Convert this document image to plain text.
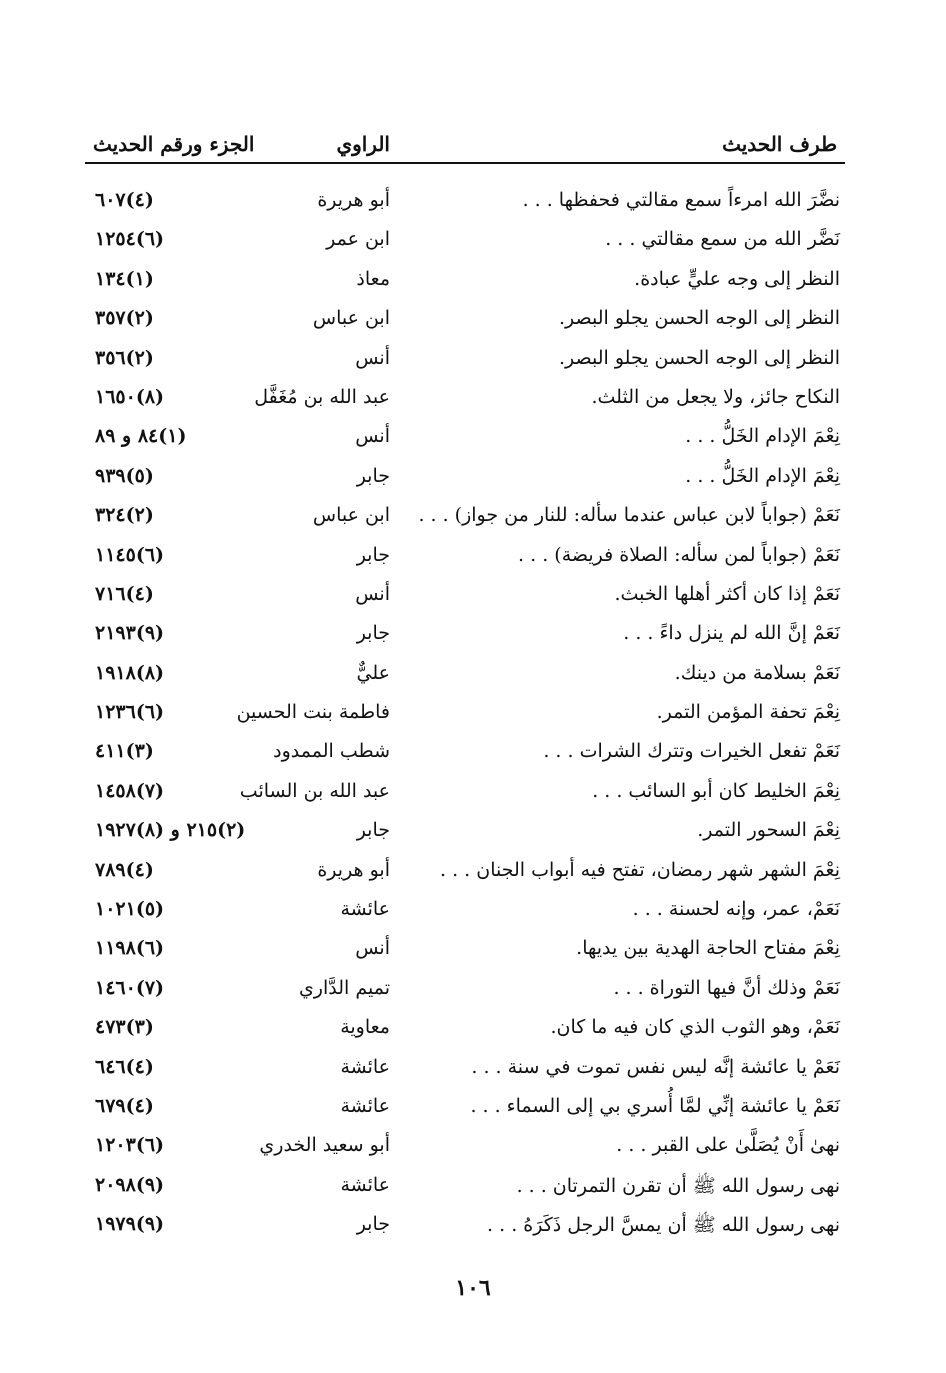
طرف الحديث
الراوي
الجزء ورقم الحديث
نضَّرَ الله امرءاً سمع مقالتي فحفظها . . .
أبو هريرة
(٤)٦٠٧
نَضَّر الله من سمع مقالتي . . .
ابن عمر
(٦)١٢٥٤
النظر إلى وجه عليٍّ عبادة.
معاذ
(١)١٣٤
النظر إلى الوجه الحسن يجلو البصر.
ابن عباس
(٢)٣٥٧
النظر إلى الوجه الحسن يجلو البصر.
أنس
(٢)٣٥٦
النكاح جائز، ولا يجعل من الثلث.
عبد الله بن مُغَفَّل
(٨)١٦٥٠
نِعْمَ الإدام الخَلُّ . . .
أنس
(١)٨٤ و ٨٩
نِعْمَ الإدام الخَلُّ . . .
جابر
(٥)٩٣٩
نَعَمْ (جواباً لابن عباس عندما سأله: للنار من جواز) . . .
ابن عباس
(٢)٣٢٤
نَعَمْ (جواباً لمن سأله: الصلاة فريضة) . . .
جابر
(٦)١١٤٥
نَعَمْ إذا كان أكثر أهلها الخبث.
أنس
(٤)٧١٦
نَعَمْ إنَّ الله لم ينزل داءً . . .
جابر
(٩)٢١٩٣
نَعَمْ بسلامة من دينك.
عليٌّ
(٨)١٩١٨
نِعْمَ تحفة المؤمن التمر.
فاطمة بنت الحسين
(٦)١٢٣٦
نَعَمْ تفعل الخيرات وتترك الشرات . . .
شطب الممدود
(٣)٤١١
نِعْمَ الخليط كان أبو السائب . . .
عبد الله بن السائب
(٧)١٤٥٨
نِعْمَ السحور التمر.
جابر
(٢)٢١٥ و (٨)١٩٢٧
نِعْمَ الشهر شهر رمضان، تفتح فيه أبواب الجنان . . .
أبو هريرة
(٤)٧٨٩
نَعَمْ، عمر، وإنه لحسنة . . .
عائشة
(٥)١٠٢١
نِعْمَ مفتاح الحاجة الهدية بين يديها.
أنس
(٦)١١٩٨
نَعَمْ وذلك أنَّ فيها التوراة . . .
تميم الدَّاري
(٧)١٤٦٠
نَعَمْ، وهو الثوب الذي كان فيه ما كان.
معاوية
(٣)٤٧٣
نَعَمْ يا عائشة إنَّه ليس نفس تموت في سنة . . .
عائشة
(٤)٦٤٦
نَعَمْ يا عائشة إنِّي لمَّا أُسري بي إلى السماء . . .
عائشة
(٤)٦٧٩
نهىٰ أَنْ يُصَلَّىٰ على القبر . . .
أبو سعيد الخدري
(٦)١٢٠٣
نهى رسول الله ﷺ أن تقرن التمرتان . . .
عائشة
(٩)٢٠٩٨
نهى رسول الله ﷺ أن يمسَّ الرجل ذَكَرَهُ . . .
جابر
(٩)١٩٧٩
١٠٦
